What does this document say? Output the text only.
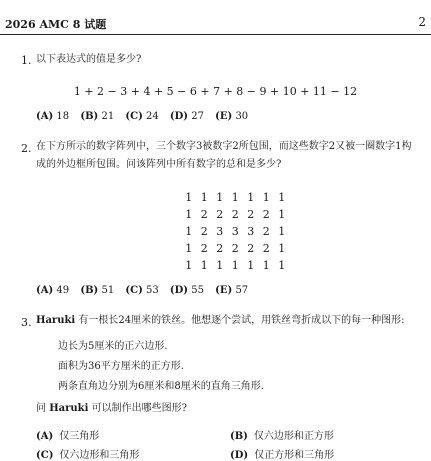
2026 AMC 8 试题	2
1. 以下表达式的值是多少?
1 + 2 − 3 + 4 + 5 − 6 + 7 + 8 − 9 + 10 + 11 − 12
(A) 18 (B) 21 (C) 24 (D) 27 (E) 30
2. 在下方所示的数字阵列中，三个数字3被数字2所包围，而这些数字2又被一圈数字1构成的外边框所包围。问该阵列中所有数字的总和是多少?
1 1 1 1 1 1 1
1 2 2 2 2 2 1
1 2 3 3 3 2 1
1 2 2 2 2 2 1
1 1 1 1 1 1 1
(A) 49 (B) 51 (C) 53 (D) 55 (E) 57
3. Haruki 有一根长24厘米的铁丝。他想逐个尝试，用铁丝弯折成以下的每一种图形:
边长为5厘米的正六边形.
面积为36平方厘米的正方形.
两条直角边分别为6厘米和8厘米的直角三角形.
问 Haruki 可以制作出哪些图形?
(A) 仅三角形	(B) 仅六边形和正方形
(C) 仅六边形和三角形	(D) 仅正方形和三角形
